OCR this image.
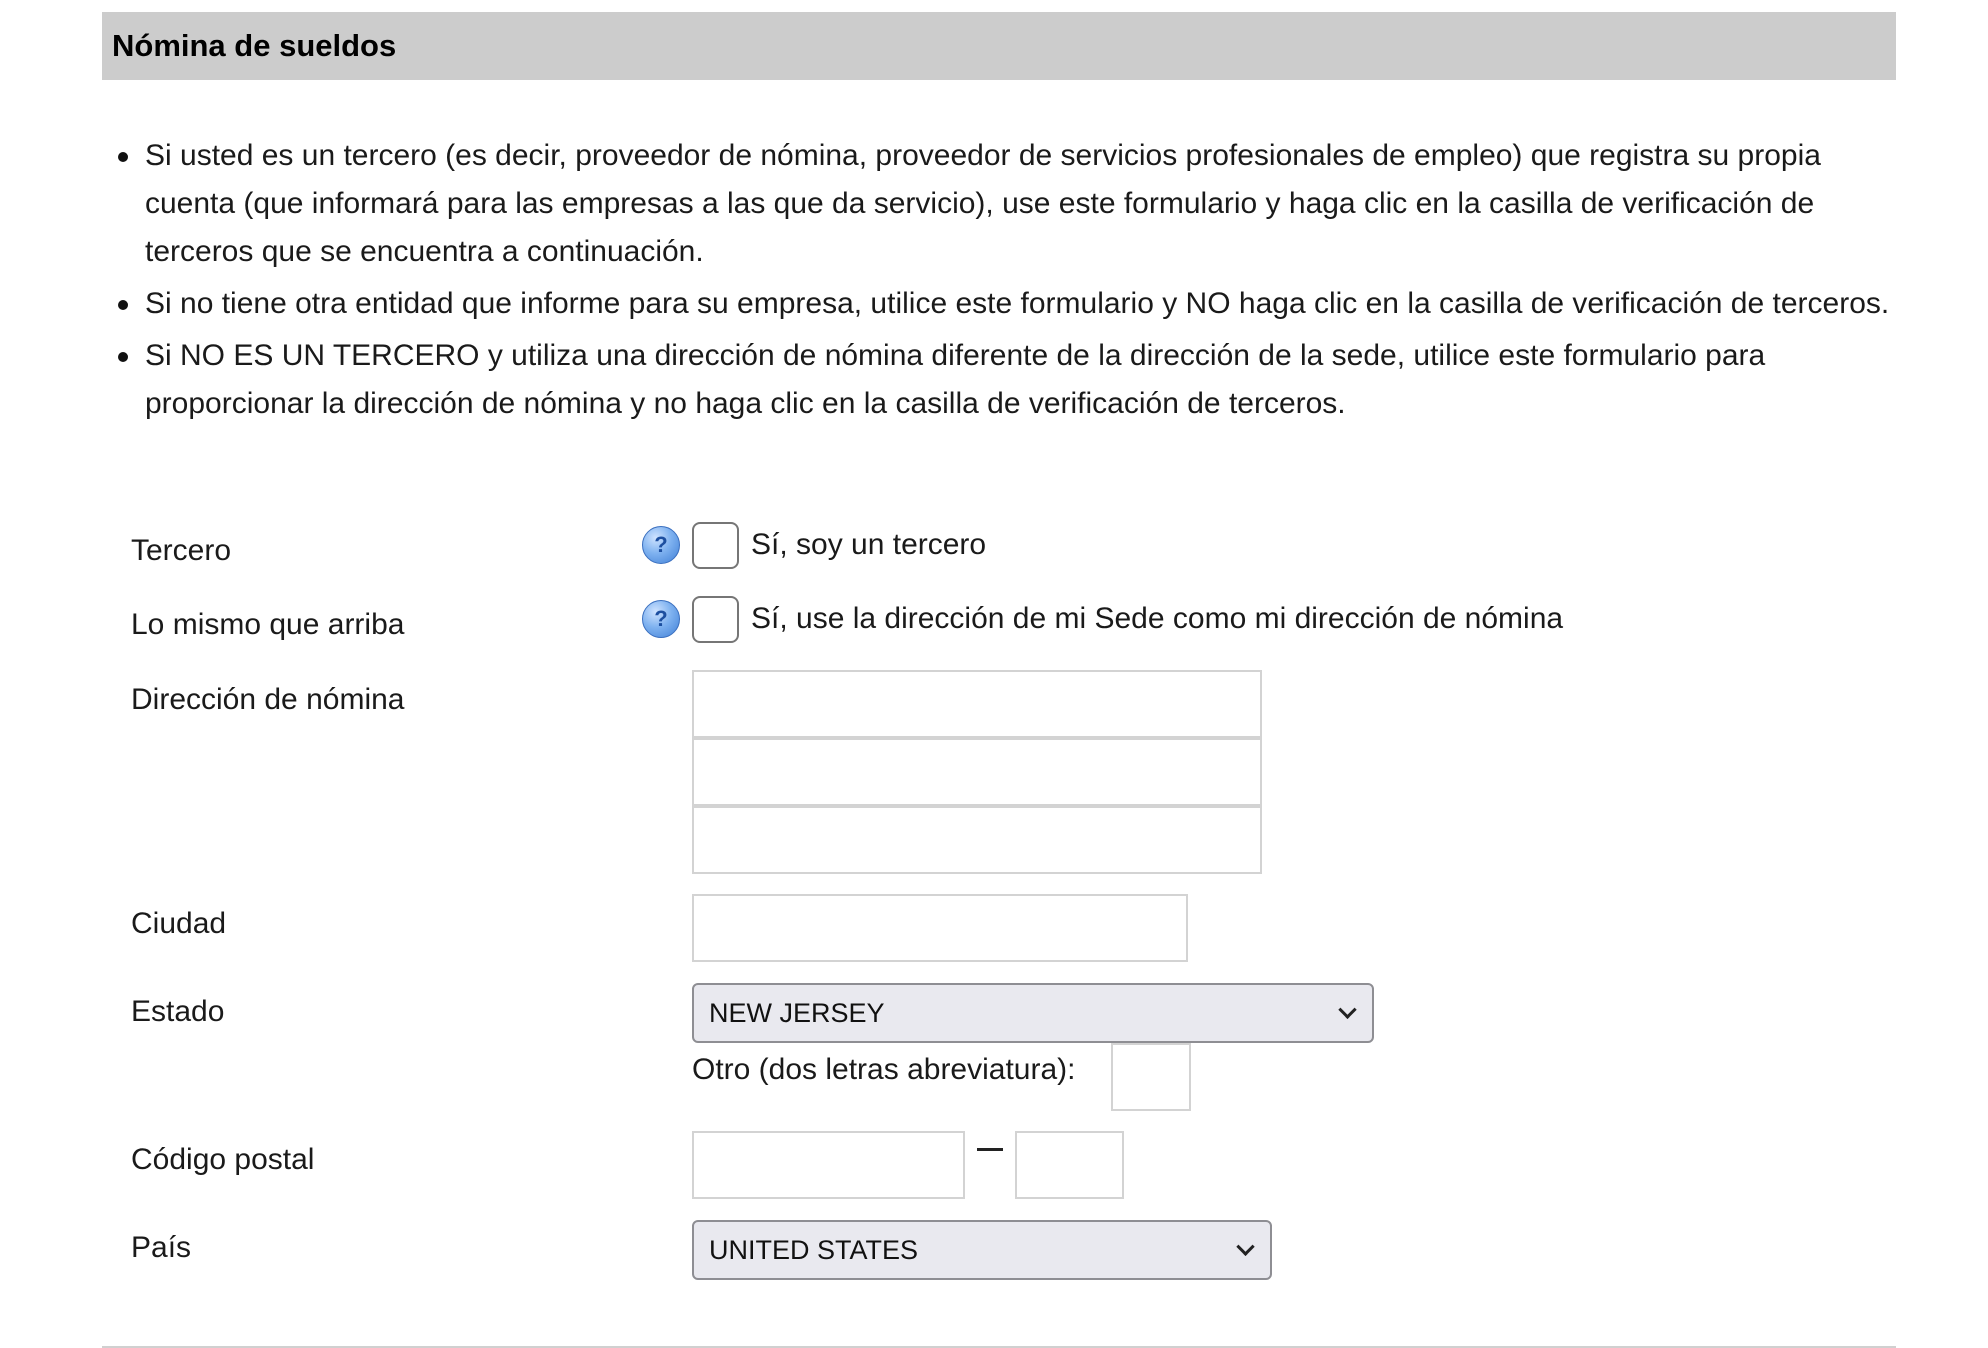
Nómina de sueldos
Si usted es un tercero (es decir, proveedor de nómina, proveedor de servicios profesionales de empleo) que registra su propia cuenta (que informará para las empresas a las que da servicio), use este formulario y haga clic en la casilla de verificación de terceros que se encuentra a continuación.
Si no tiene otra entidad que informe para su empresa, utilice este formulario y NO haga clic en la casilla de verificación de terceros.
Si NO ES UN TERCERO y utiliza una dirección de nómina diferente de la dirección de la sede, utilice este formulario para proporcionar la dirección de nómina y no haga clic en la casilla de verificación de terceros.
Tercero	?	Sí, soy un tercero
Lo mismo que arriba	?	Sí, use la dirección de mi Sede como mi dirección de nómina
Dirección de nómina
Ciudad
Estado	NEW JERSEY
Otro (dos letras abreviatura):
Código postal
País	UNITED STATES
